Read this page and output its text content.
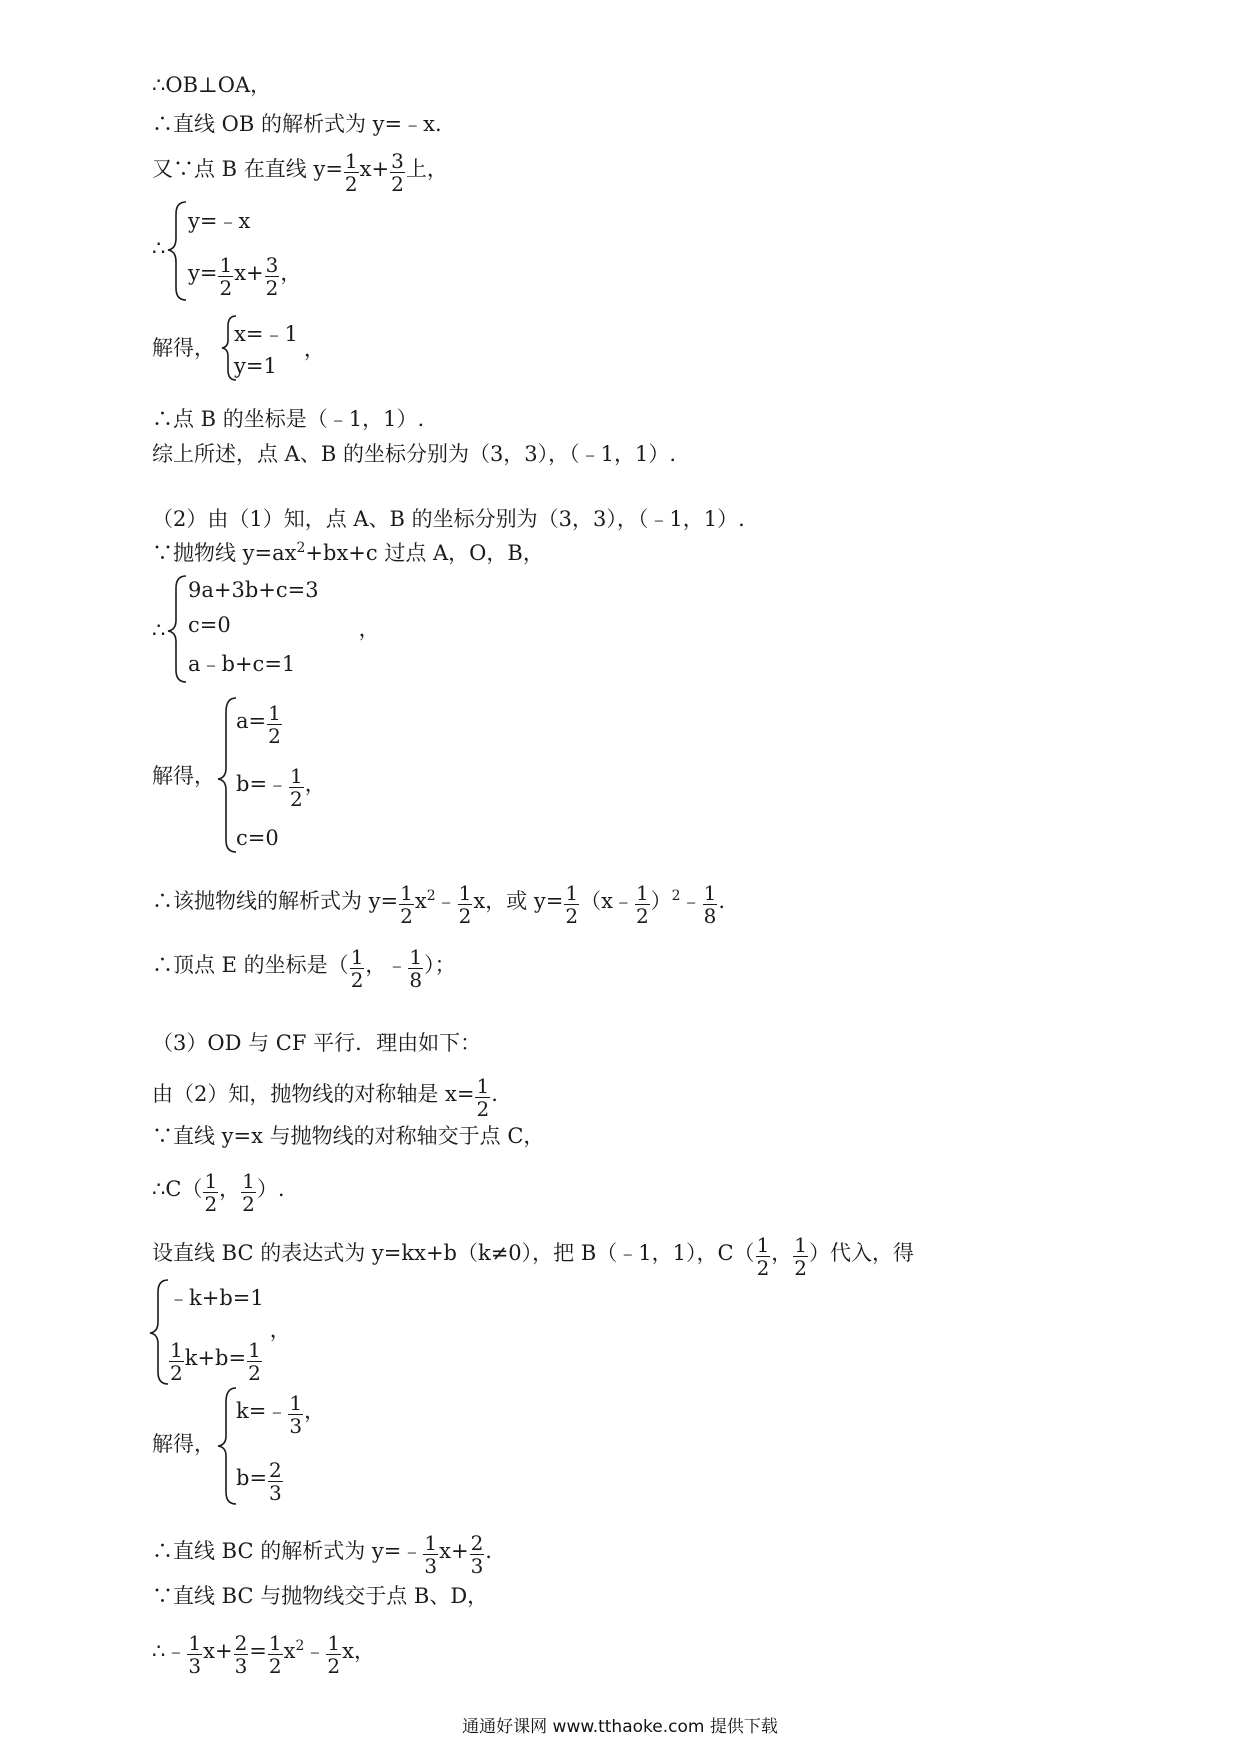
∴OB⊥OA，
∴直线 OB 的解析式为 y=﹣x.
又∵点 B 在直线 $y= \frac{1}{2} x+ \frac{3}{2}$ 上，
∴
y=﹣x
$y= \frac{1}{2} x+ \frac{3}{2}$ ，
解得，
x=﹣1
y=1
，
∴点 B 的坐标是（﹣1，1）.
综上所述，点 A、B 的坐标分别为（3，3），（﹣1，1）.
（2）由（1）知，点 A、B 的坐标分别为（3，3），（﹣1，1）.
∵抛物线 $y=ax^2+bx+c$ 过点 A，O，B，
∴
9a+3b+c=3
c=0
a﹣b+c=1
，
解得，
$a= \frac{1}{2}$
b=﹣ $\frac{1}{2}$ ，
c=0
∴该抛物线的解析式为 $y= \frac{1}{2}$ $x^2﹣ \frac{1}{2}$ x，或 $y= \frac{1}{2}$ （x﹣ $\frac{1}{2}$ ）$^2$﹣ $\frac{1}{8}$ .
∴顶点 E 的坐标是（ $\frac{1}{2}$ ，﹣ $\frac{1}{8}$ ）；
（3）OD 与 CF 平行．理由如下：
由（2）知，抛物线的对称轴是 $x= \frac{1}{2}$ .
∵直线 y=x 与抛物线的对称轴交于点 C，
∴C（ $\frac{1}{2}$ ， $\frac{1}{2}$ ）.
设直线 BC 的表达式为 y=kx+b（k≠0），把 B（﹣1，1），$C( \frac{1}{2}$ ， $\frac{1}{2}$ ）代入，得
﹣k+b=1
$\frac{1}{2} k+b= \frac{1}{2}$
，
解得，
k=﹣ $\frac{1}{3}$ ，
$b= \frac{2}{3}$
∴直线 BC 的解析式为 y=﹣ $\frac{1}{3} x+ \frac{2}{3}$ .
∵直线 BC 与抛物线交于点 B、D，
∴﹣ $\frac{1}{3} x+ \frac{2}{3} = \frac{1}{2}$ $x^2﹣ \frac{1}{2}$ x，
通通好课网 www.tthaoke.com 提供下载
